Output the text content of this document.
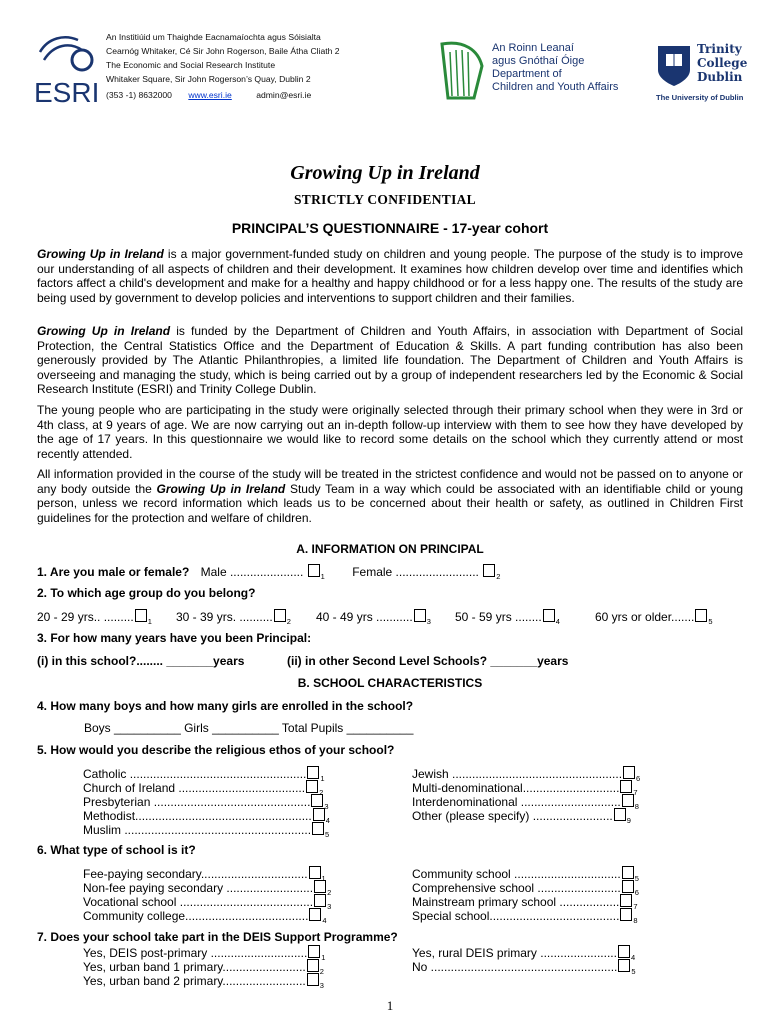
ESRI
An Institiúid um Thaighde Eacnamaíochta agus Sóisialta
Cearnóg Whitaker, Cé Sir John Rogerson, Baile Átha Cliath 2
The Economic and Social Research Institute
Whitaker Square, Sir John Rogerson’s Quay, Dublin 2
(353 -1) 8632000 www.esri.ie	admin@esri.ie
An Roinn Leanaí
agus Gnóthaí Óige
Department of
Children and Youth Affairs
Trinity
College
Dublin
The University of Dublin
Growing Up in Ireland
STRICTLY CONFIDENTIAL
PRINCIPAL’S QUESTIONNAIRE - 17-year cohort
Growing Up in Ireland is a major government-funded study on children and young people. The purpose of the study is to improve our understanding of all aspects of children and their development. It examines how children develop over time and identifies which factors affect a child's development and make for a healthy and happy childhood or for a less happy one. The results of the study are being used by government to develop policies and interventions to support children and their families.
Growing Up in Ireland is funded by the Department of Children and Youth Affairs, in association with Department of Social Protection, the Central Statistics Office and the Department of Education & Skills. A part funding contribution has also been generously provided by The Atlantic Philanthropies, a limited life foundation. The Department of Children and Youth Affairs is overseeing and managing the study, which is being carried out by a group of independent researchers led by the Economic & Social Research Institute (ESRI) and Trinity College Dublin.
The young people who are participating in the study were originally selected through their primary school when they were in 3rd or 4th class, at 9 years of age. We are now carrying out an in-depth follow-up interview with them to see how they have developed by the age of 17 years. In this questionnaire we would like to record some details on the school which they currently attend or most recently attended.
All information provided in the course of the study will be treated in the strictest confidence and would not be passed on to anyone or any body outside the Growing Up in Ireland Study Team in a way which could be associated with an identifiable child or young person, unless we record information which leads us to be concerned about their health or safety, as outlined in Children First guidelines for the protection and welfare of children.
A. INFORMATION ON PRINCIPAL
1. Are you male or female? Male ...................... $_1$ Female ......................... $_2$
2. To which age group do you belong?
20 - 29 yrs.. ......... $_1$ 30 - 39 yrs. .......... $_2$ 40 - 49 yrs ........... $_3$ 50 - 59 yrs ........ $_4$	60 yrs or older....... $_5$
3. For how many years have you been Principal:
(i) in this school?........ _______years	(ii) in other Second Level Schools? _______years
B. SCHOOL CHARACTERISTICS
4. How many boys and how many girls are enrolled in the school?
Boys __________ Girls __________ Total Pupils __________
5. How would you describe the religious ethos of your school?
Catholic ..................................................... $_1$
Church of Ireland ...................................... $_2$
Presbyterian ............................................... $_3$
Methodist..................................................... $_4$
Muslim ........................................................ $_5$
Jewish ................................................... $_6$
Multi-denominational............................. $_7$
Interdenominational .............................. $_8$
Other (please specify) ........................ $_9$
6. What type of school is it?
Fee-paying secondary................................ $_1$
Non-fee paying secondary .......................... $_2$
Vocational school ........................................ $_3$
Community college..................................... $_4$
Community school ................................ $_5$
Comprehensive school ......................... $_6$
Mainstream primary school .................. $_7$
Special school....................................... $_8$
7. Does your school take part in the DEIS Support Programme?
Yes, DEIS post-primary ............................. $_1$
Yes, urban band 1 primary......................... $_2$
Yes, urban band 2 primary......................... $_3$
Yes, rural DEIS primary ....................... $_4$
No ........................................................ $_5$
1
